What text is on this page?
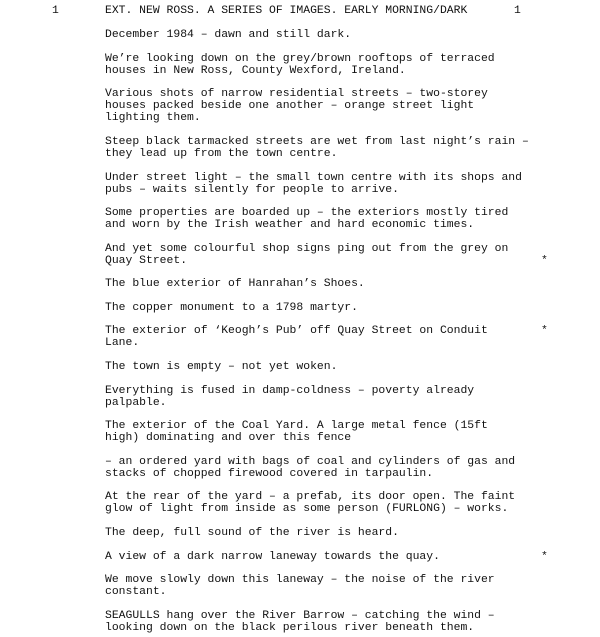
1	EXT. NEW ROSS. A SERIES OF IMAGES. EARLY MORNING/DARK	1

December 1984 – dawn and still dark.

We’re looking down on the grey/brown rooftops of terraced
houses in New Ross, County Wexford, Ireland.

Various shots of narrow residential streets – two-storey
houses packed beside one another – orange street light
lighting them.

Steep black tarmacked streets are wet from last night’s rain –
they lead up from the town centre.

Under street light – the small town centre with its shops and
pubs – waits silently for people to arrive.

Some properties are boarded up – the exteriors mostly tired
and worn by the Irish weather and hard economic times.

And yet some colourful shop signs ping out from the grey on
Quay Street.	*

The blue exterior of Hanrahan’s Shoes.

The copper monument to a 1798 martyr.

The exterior of ‘Keogh’s Pub’ off Quay Street on Conduit
Lane.

*

The town is empty – not yet woken.

Everything is fused in damp-coldness – poverty already
palpable.

The exterior of the Coal Yard. A large metal fence (15ft
high) dominating and over this fence

– an ordered yard with bags of coal and cylinders of gas and
stacks of chopped firewood covered in tarpaulin.

At the rear of the yard – a prefab, its door open. The faint
glow of light from inside as some person (FURLONG) – works.

The deep, full sound of the river is heard.

A view of a dark narrow laneway towards the quay.	*

We move slowly down this laneway – the noise of the river
constant.

SEAGULLS hang over the River Barrow – catching the wind –
looking down on the black perilous river beneath them.
